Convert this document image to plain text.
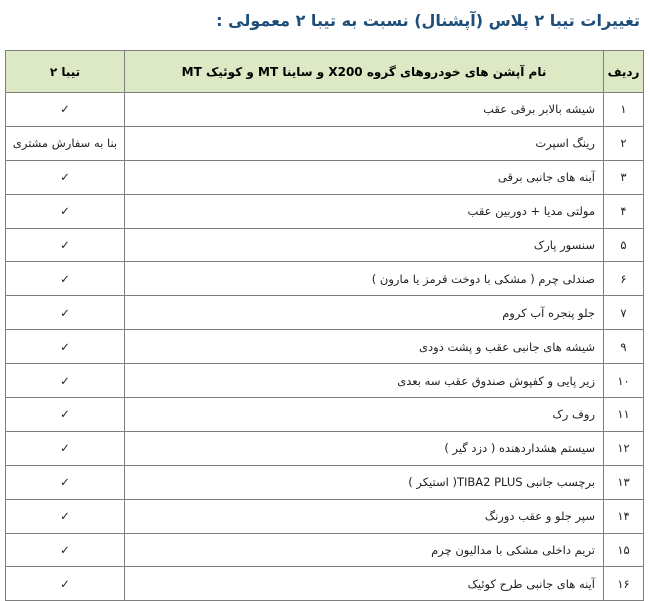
تغییرات تیبا ۲ پلاس (آپشنال) نسبت به تیبا ۲ معمولی :
ردیف	نام آپشن های خودروهای گروه X200 و ساینا MT و کوئیک MT	تیبا ۲
۱	شیشه بالابر برقی عقب	✓
۲	رینگ اسپرت	بنا به سفارش مشتری
۳	آینه های جانبی برقی	✓
۴	مولتی مدیا + دوربین عقب	✓
۵	سنسور پارک	✓
۶	صندلی چرم ( مشکی با دوخت قرمز یا مارون )	✓
۷	جلو پنجره آب کروم	✓
۹	شیشه های جانبی عقب و پشت دودی	✓
۱۰	زیر پایی و کفپوش صندوق عقب سه بعدی	✓
۱۱	روف رک	✓
۱۲	سیستم هشداردهنده ( دزد گیر )	✓
۱۳	برچسب جانبی TIBA2 PLUS( استیکر )	✓
۱۴	سپر جلو و عقب دورنگ	✓
۱۵	تریم داخلی مشکی با مدالیون چرم	✓
۱۶	آینه های جانبی طرح کوئیک	✓
